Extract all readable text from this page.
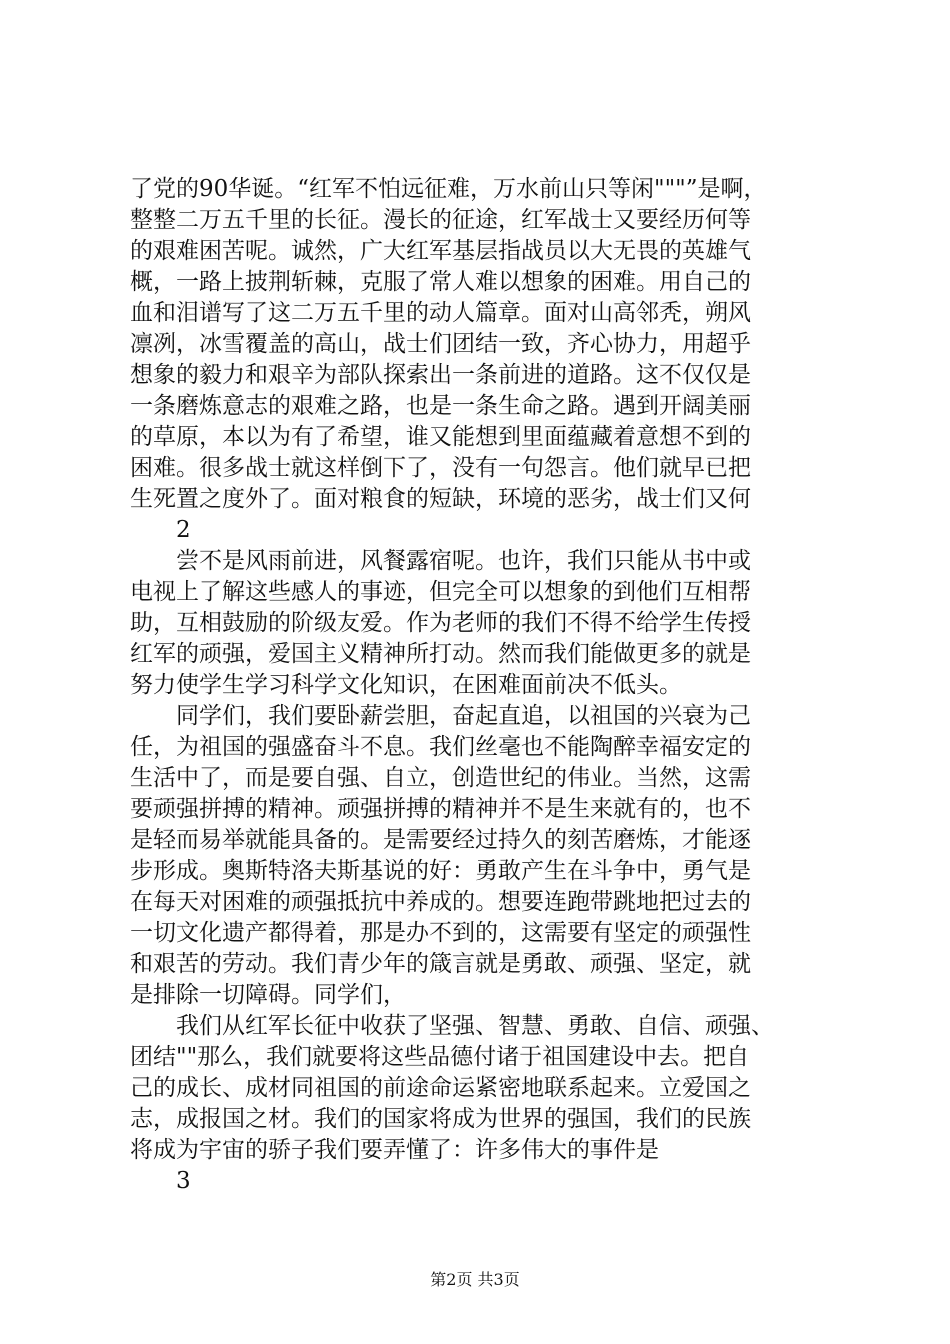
了党的90华诞。“红军不怕远征难，万水前山只等闲"""”是啊，
整整二万五千里的长征。漫长的征途，红军战士又要经历何等
的艰难困苦呢。诚然，广大红军基层指战员以大无畏的英雄气
概，一路上披荆斩棘，克服了常人难以想象的困难。用自己的
血和泪谱写了这二万五千里的动人篇章。面对山高邻秃，朔风
凛冽，冰雪覆盖的高山，战士们团结一致，齐心协力，用超乎
想象的毅力和艰辛为部队探索出一条前进的道路。这不仅仅是
一条磨炼意志的艰难之路，也是一条生命之路。遇到开阔美丽
的草原，本以为有了希望，谁又能想到里面蕴藏着意想不到的
困难。很多战士就这样倒下了，没有一句怨言。他们就早已把
生死置之度外了。面对粮食的短缺，环境的恶劣，战士们又何
2
尝不是风雨前进，风餐露宿呢。也许，我们只能从书中或
电视上了解这些感人的事迹，但完全可以想象的到他们互相帮
助，互相鼓励的阶级友爱。作为老师的我们不得不给学生传授
红军的顽强，爱国主义精神所打动。然而我们能做更多的就是
努力使学生学习科学文化知识，在困难面前决不低头。
同学们，我们要卧薪尝胆，奋起直追，以祖国的兴衰为己
任，为祖国的强盛奋斗不息。我们丝毫也不能陶醉幸福安定的
生活中了，而是要自强、自立，创造世纪的伟业。当然，这需
要顽强拼搏的精神。顽强拼搏的精神并不是生来就有的，也不
是轻而易举就能具备的。是需要经过持久的刻苦磨炼，才能逐
步形成。奥斯特洛夫斯基说的好：勇敢产生在斗争中，勇气是
在每天对困难的顽强抵抗中养成的。想要连跑带跳地把过去的
一切文化遗产都得着，那是办不到的，这需要有坚定的顽强性
和艰苦的劳动。我们青少年的箴言就是勇敢、顽强、坚定，就
是排除一切障碍。同学们，
我们从红军长征中收获了坚强、智慧、勇敢、自信、顽强、
团结""那么，我们就要将这些品德付诸于祖国建设中去。把自
己的成长、成材同祖国的前途命运紧密地联系起来。立爱国之
志，成报国之材。我们的国家将成为世界的强国，我们的民族
将成为宇宙的骄子我们要弄懂了：许多伟大的事件是
3
第2页 共3页
